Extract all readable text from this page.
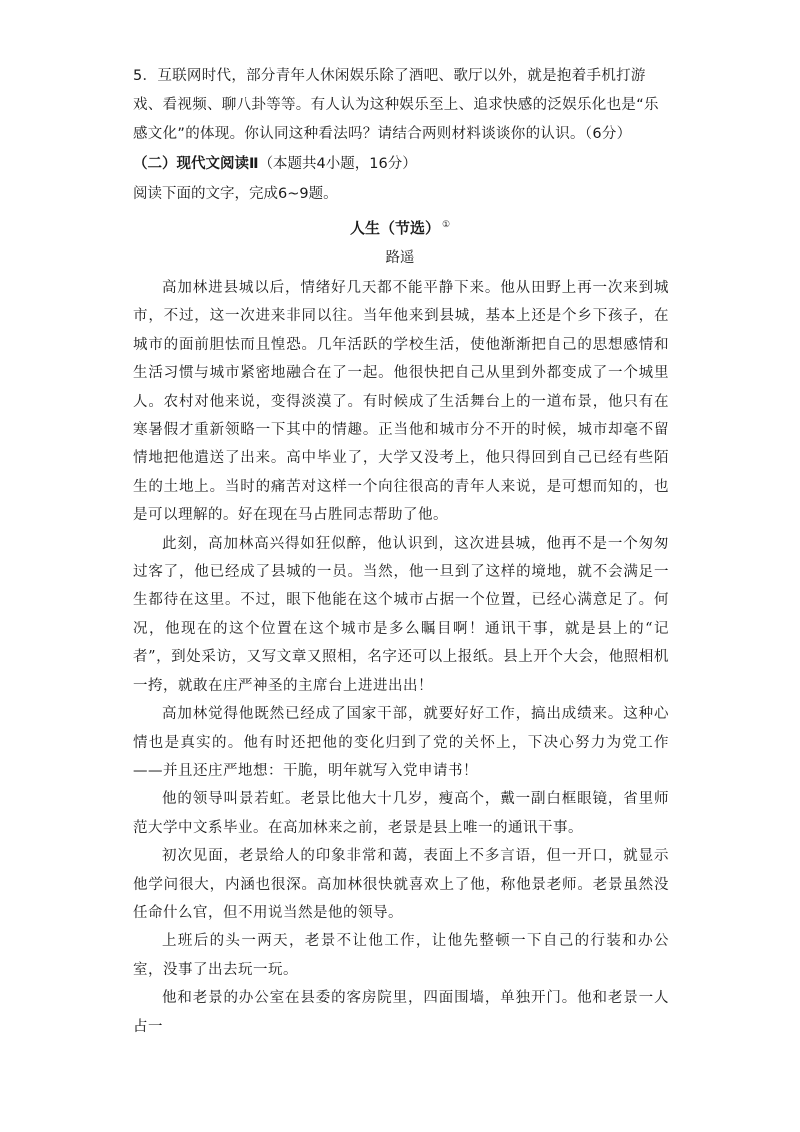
5．互联网时代，部分青年人休闲娱乐除了酒吧、歌厅以外，就是抱着手机打游戏、看视频、聊八卦等等。有人认为这种娱乐至上、追求快感的泛娱乐化也是“乐感文化”的体现。你认同这种看法吗？请结合两则材料谈谈你的认识。（6分）
（二）现代文阅读Ⅱ（本题共4小题，16分）
阅读下面的文字，完成6~9题。
人生（节选） ①
路遥

高加林进县城以后，情绪好几天都不能平静下来。他从田野上再一次来到城市，不过，这一次进来非同以往。当年他来到县城，基本上还是个乡下孩子，在城市的面前胆怯而且惶恐。几年活跃的学校生活，使他渐渐把自己的思想感情和生活习惯与城市紧密地融合在了一起。他很快把自己从里到外都变成了一个城里人。农村对他来说，变得淡漠了。有时候成了生活舞台上的一道布景，他只有在寒暑假才重新领略一下其中的情趣。正当他和城市分不开的时候，城市却毫不留情地把他遣送了出来。高中毕业了，大学又没考上，他只得回到自己已经有些陌生的土地上。当时的痛苦对这样一个向往很高的青年人来说，是可想而知的，也是可以理解的。好在现在马占胜同志帮助了他。

此刻，高加林高兴得如狂似醉，他认识到，这次进县城，他再不是一个匆匆过客了，他已经成了县城的一员。当然，他一旦到了这样的境地，就不会满足一生都待在这里。不过，眼下他能在这个城市占据一个位置，已经心满意足了。何况，他现在的这个位置在这个城市是多么瞩目啊！通讯干事，就是县上的“记者”，到处采访，又写文章又照相，名字还可以上报纸。县上开个大会，他照相机一挎，就敢在庄严神圣的主席台上进进出出！

高加林觉得他既然已经成了国家干部，就要好好工作，搞出成绩来。这种心情也是真实的。他有时还把他的变化归到了党的关怀上，下决心努力为党工作——并且还庄严地想：干脆，明年就写入党申请书！

他的领导叫景若虹。老景比他大十几岁，瘦高个，戴一副白框眼镜，省里师范大学中文系毕业。在高加林来之前，老景是县上唯一的通讯干事。

初次见面，老景给人的印象非常和蔼，表面上不多言语，但一开口，就显示他学问很大，内涵也很深。高加林很快就喜欢上了他，称他景老师。老景虽然没任命什么官，但不用说当然是他的领导。

上班后的头一两天，老景不让他工作，让他先整顿一下自己的行装和办公室，没事了出去玩一玩。

他和老景的办公室在县委的客房院里，四面围墙，单独开门。他和老景一人占一
